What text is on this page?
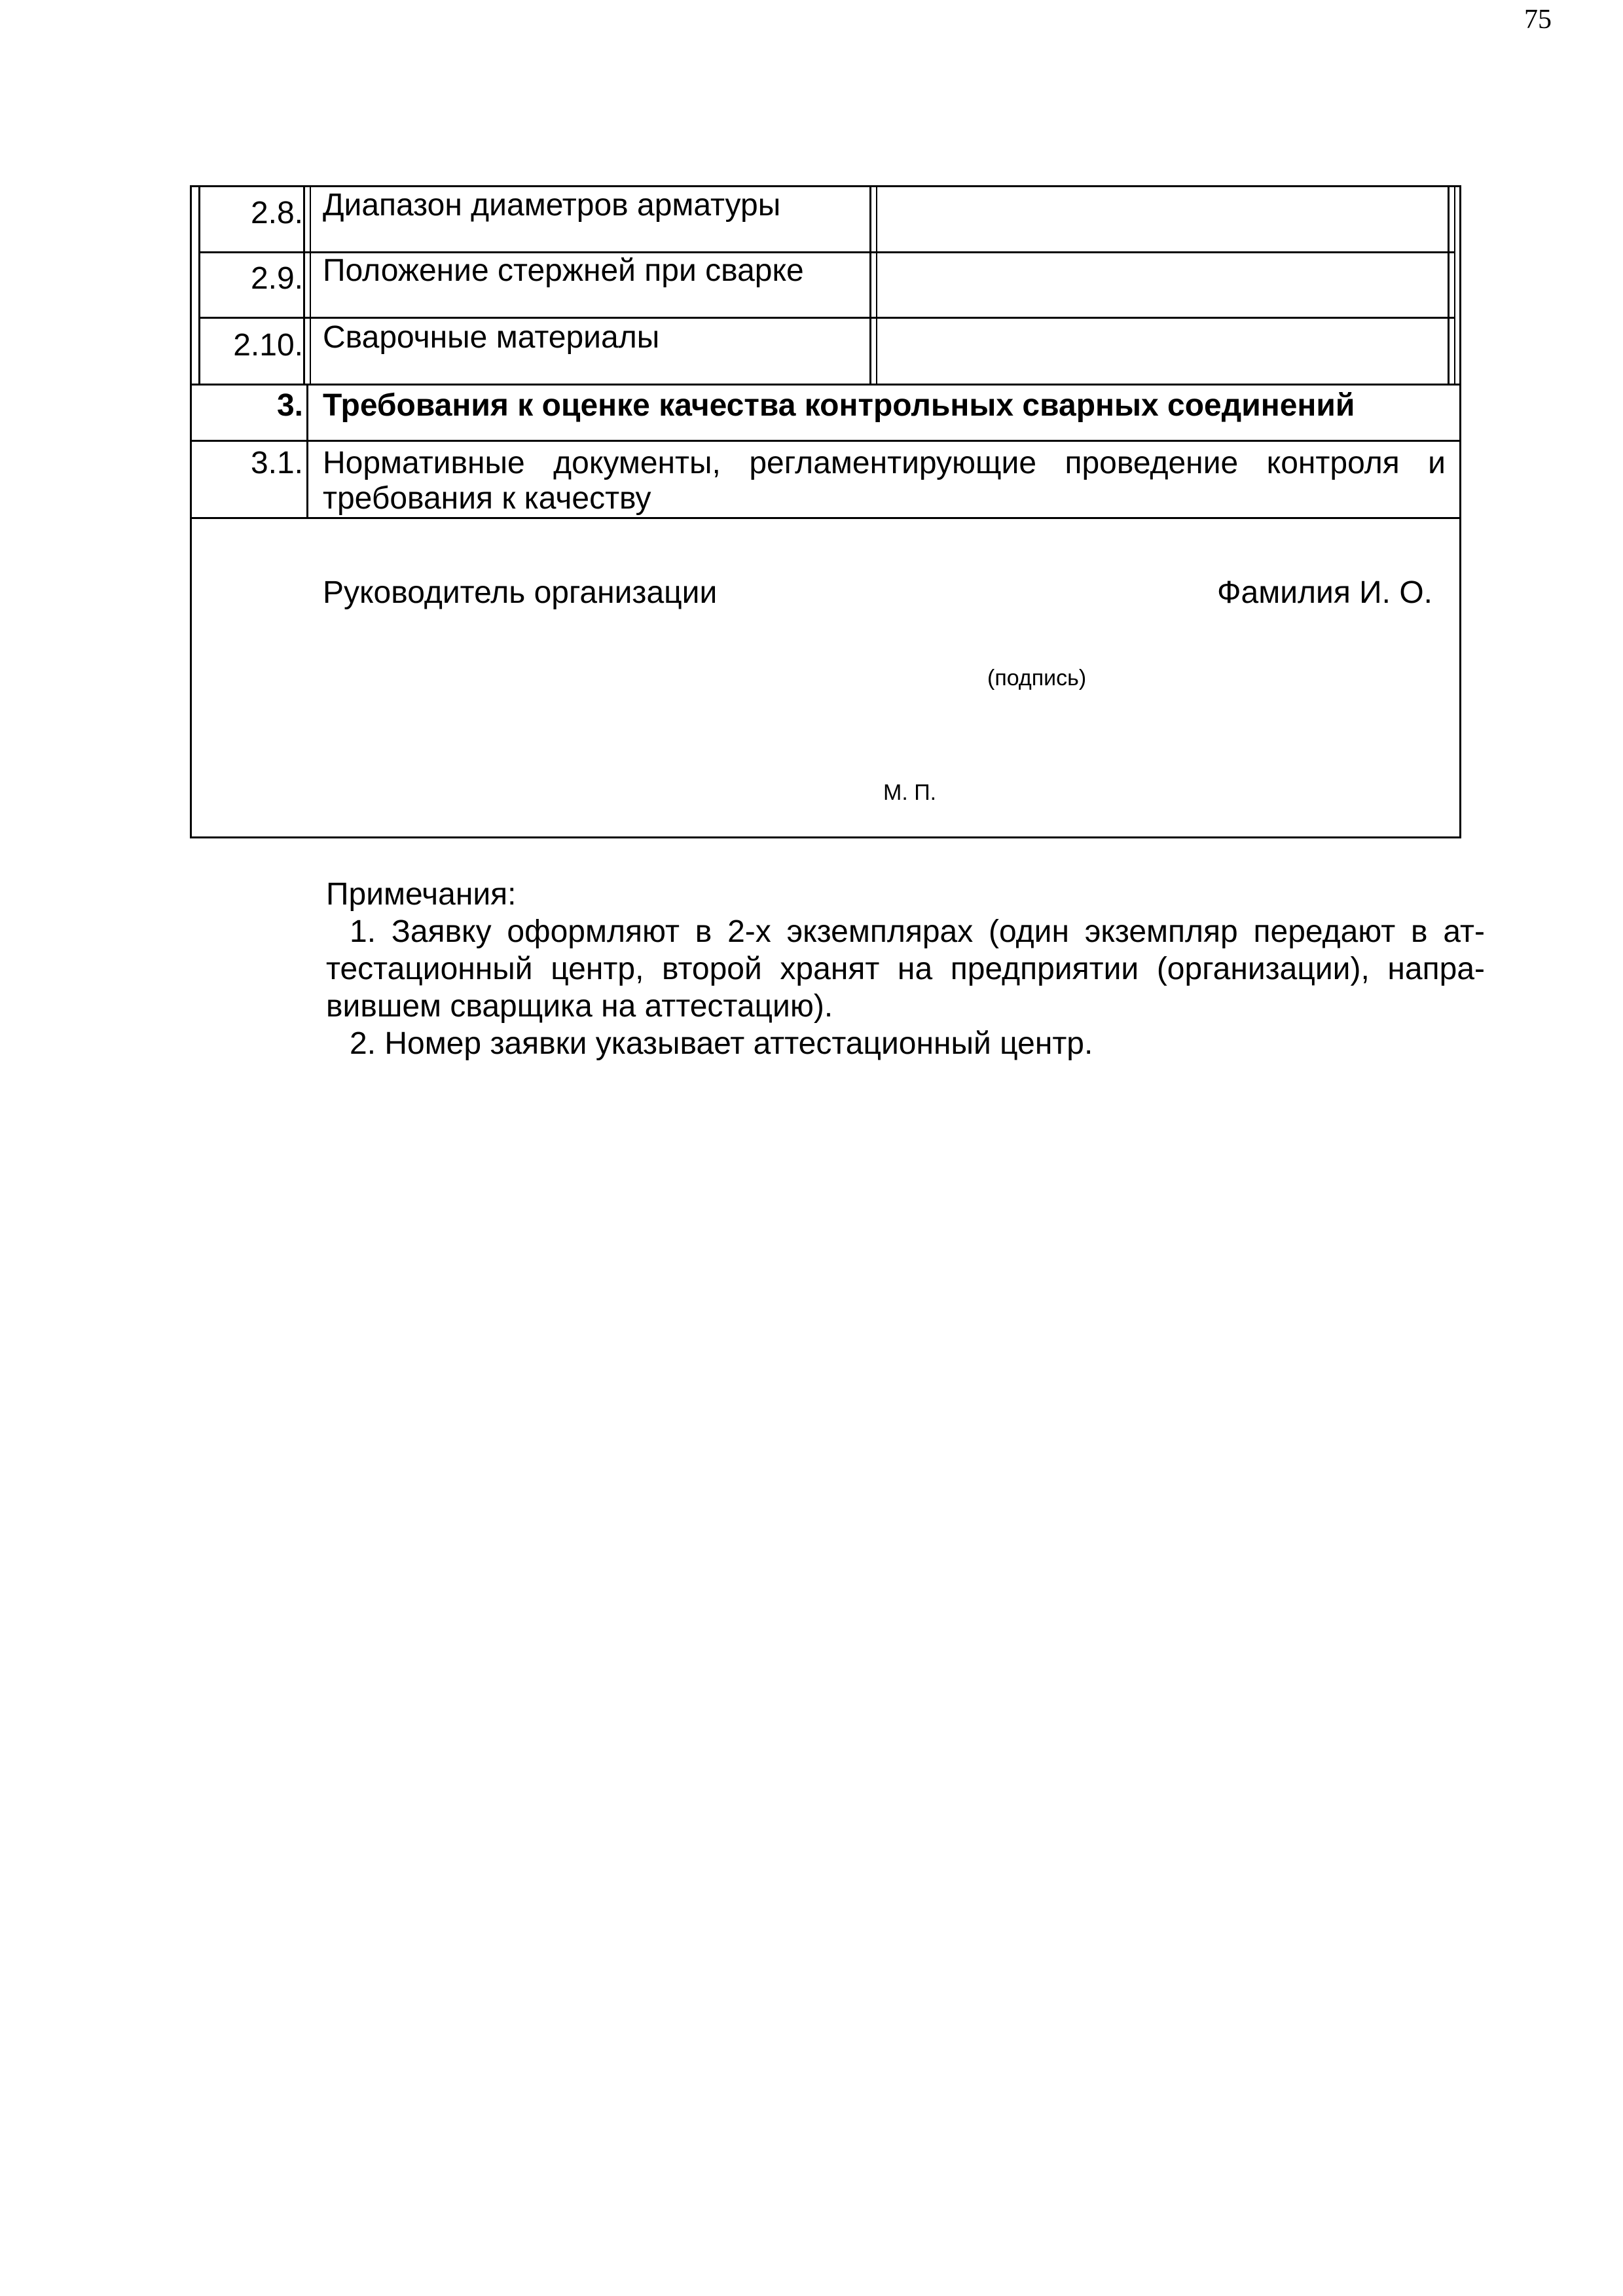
75
2.8. Диапазон диаметров арматуры
2.9. Положение стержней при сварке
2.10. Сварочные материалы
3. Требования к оценке качества контрольных сварных соединений
3.1. Нормативные документы, регламентирующие проведение контроля и
требования к качеству
Руководитель организации	Фамилия И. О.
(подпись)
М. П.

Примечания:

1. Заявку оформляют в 2-х экземплярах (один экземпляр передают в ат-

тестационный центр, второй хранят на предприятии (организации), напра-

вившем сварщика на аттестацию).

2. Номер заявки указывает аттестационный центр.
